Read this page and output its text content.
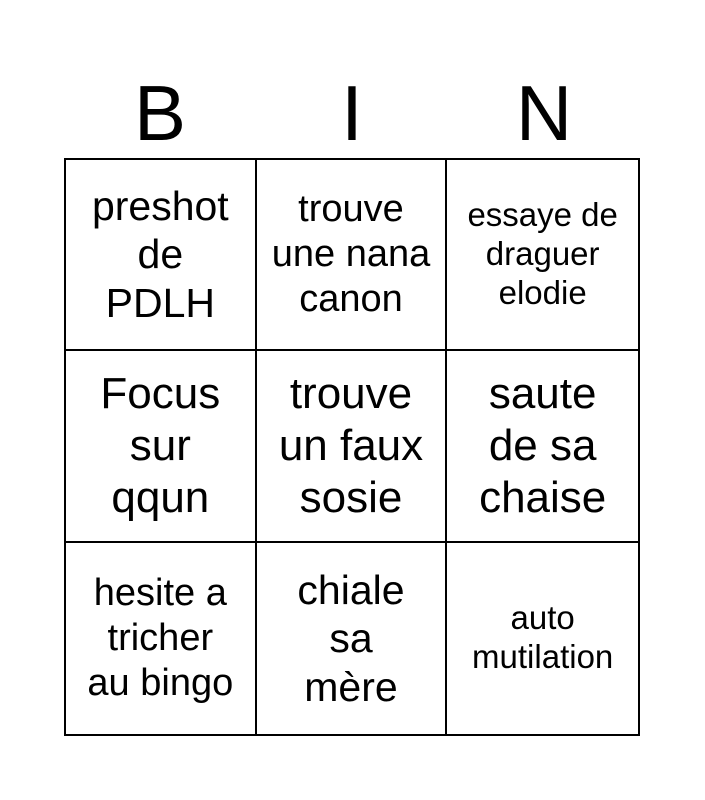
B	I	N
preshot
de
PDLH
trouve
une nana
canon
essaye de
draguer
elodie
Focus
sur
qqun
trouve
un faux
sosie
saute
de sa
chaise
hesite a
tricher
au bingo
chiale
sa
mère
auto
mutilation
